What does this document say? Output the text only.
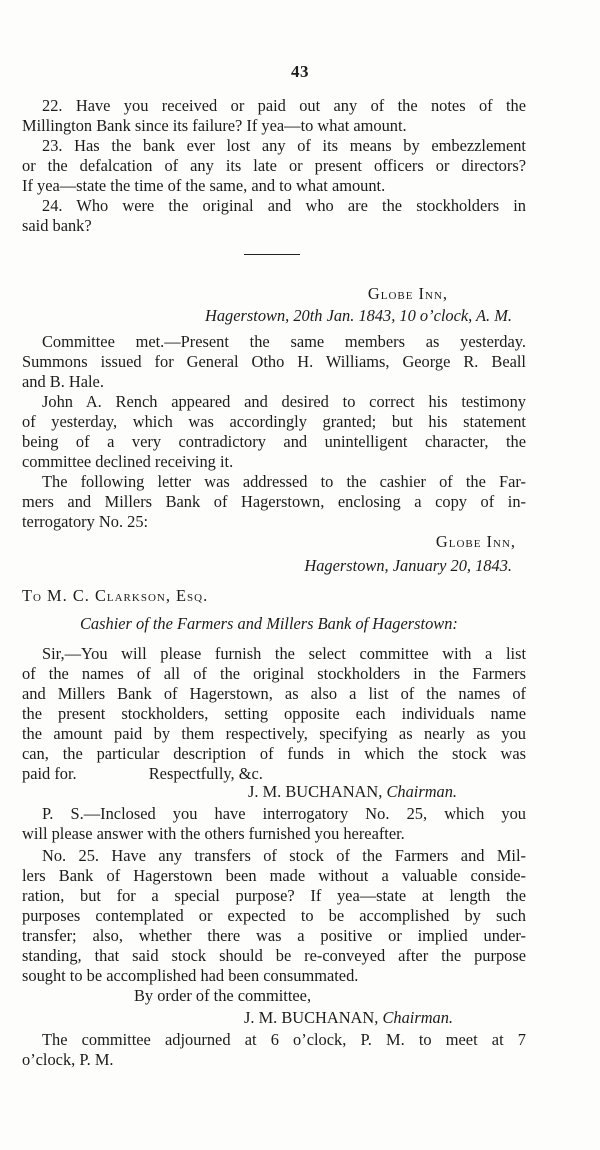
43
22. Have you received or paid out any of the notes of the
Millington Bank since its failure? If yea—to what amount.
23. Has the bank ever lost any of its means by embezzlement
or the defalcation of any its late or present officers or directors?
If yea—state the time of the same, and to what amount.
24. Who were the original and who are the stockholders in
said bank?
Globe Inn,
Hagerstown, 20th Jan. 1843, 10 o’clock, A. M.
Committee met.—Present the same members as yesterday.
Summons issued for General Otho H. Williams, George R. Beall
and B. Hale.
John A. Rench appeared and desired to correct his testimony
of yesterday, which was accordingly granted; but his statement
being of a very contradictory and unintelligent character, the
committee declined receiving it.
The following letter was addressed to the cashier of the Far-
mers and Millers Bank of Hagerstown, enclosing a copy of in-
terrogatory No. 25:
Globe Inn,
Hagerstown, January 20, 1843.
To M. C. Clarkson, Esq.
Cashier of the Farmers and Millers Bank of Hagerstown:
Sir,—You will please furnish the select committee with a list
of the names of all of the original stockholders in the Farmers
and Millers Bank of Hagerstown, as also a list of the names of
the present stockholders, setting opposite each individuals name
the amount paid by them respectively, specifying as nearly as you
can, the particular description of funds in which the stock was
paid for.	Respectfully, &c.
J. M. BUCHANAN, Chairman.
P. S.—Inclosed you have interrogatory No. 25, which you
will please answer with the others furnished you hereafter.
No. 25. Have any transfers of stock of the Farmers and Mil-
lers Bank of Hagerstown been made without a valuable conside-
ration, but for a special purpose? If yea—state at length the
purposes contemplated or expected to be accomplished by such
transfer; also, whether there was a positive or implied under-
standing, that said stock should be re-conveyed after the purpose
sought to be accomplished had been consummated.
By order of the committee,
J. M. BUCHANAN, Chairman.
The committee adjourned at 6 o’clock, P. M. to meet at 7
o’clock, P. M.
